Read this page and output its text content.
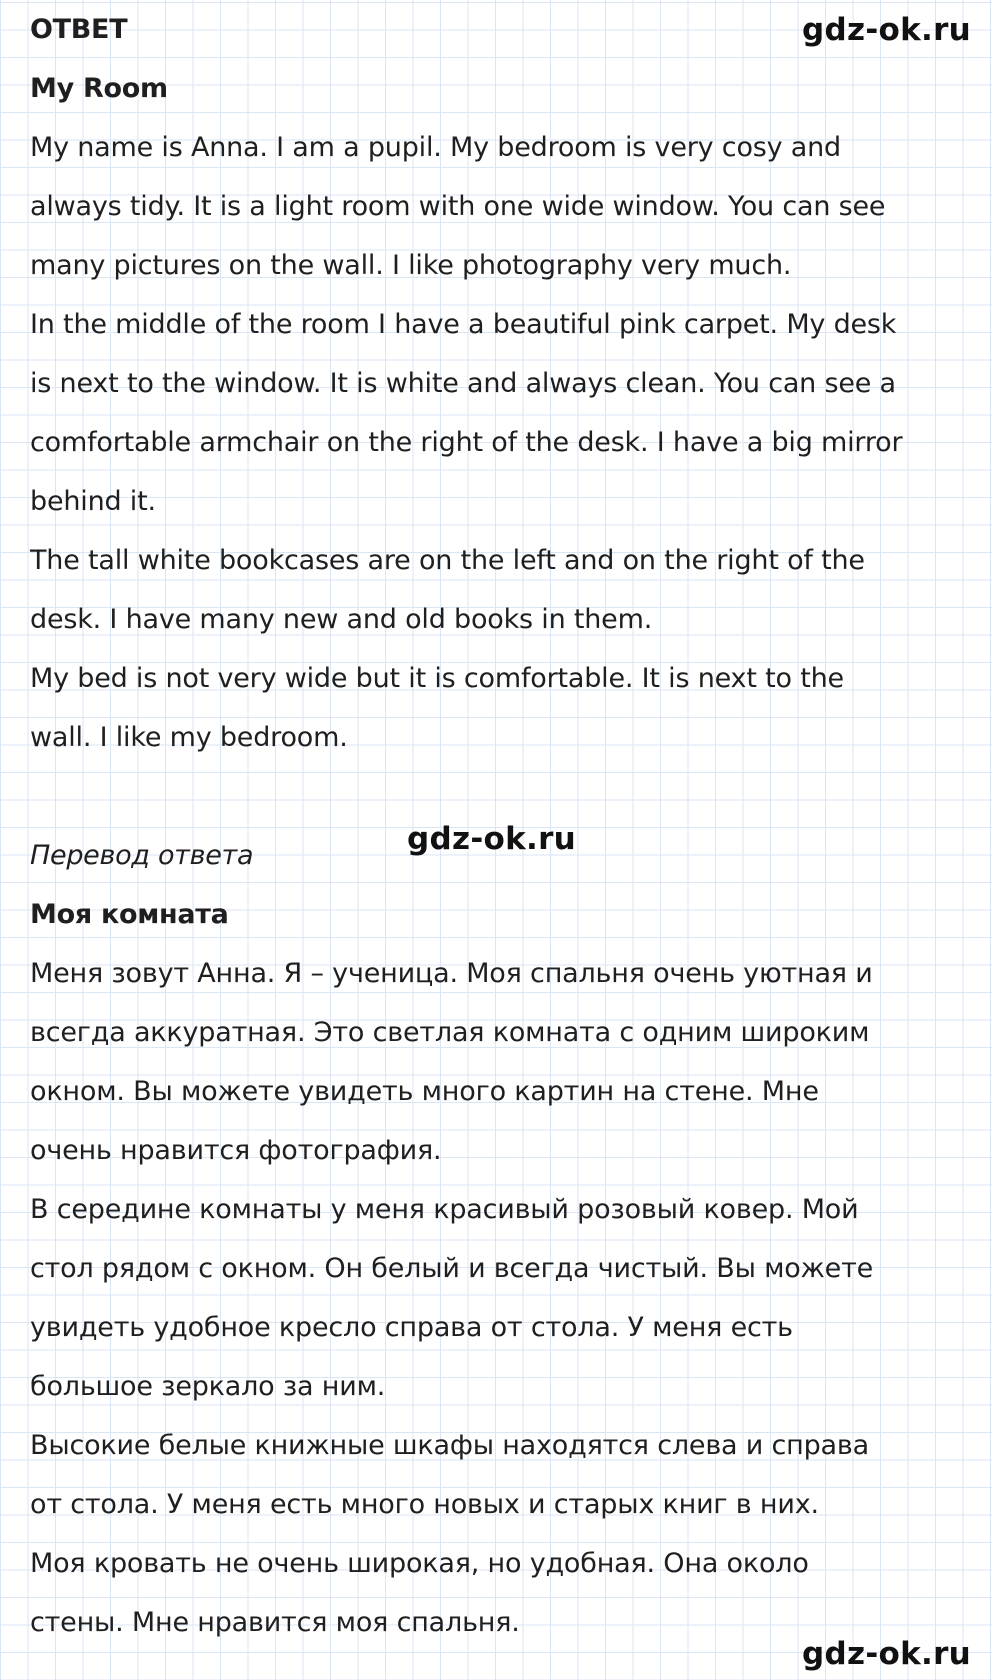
gdz-ok.ru
gdz-ok.ru
gdz-ok.ru
ОТВЕТ
My Room
My name is Anna. I am a pupil. My bedroom is very cosy and
always tidy. It is a light room with one wide window. You can see
many pictures on the wall. I like photography very much.
In the middle of the room I have a beautiful pink carpet. My desk
is next to the window. It is white and always clean. You can see a
comfortable armchair on the right of the desk. I have a big mirror
behind it.
The tall white bookcases are on the left and on the right of the
desk. I have many new and old books in them.
My bed is not very wide but it is comfortable. It is next to the
wall. I like my bedroom.
Перевод ответа
Моя комната
Меня зовут Анна. Я – ученица. Моя спальня очень уютная и
всегда аккуратная. Это светлая комната с одним широким
окном. Вы можете увидеть много картин на стене. Мне
очень нравится фотография.
В середине комнаты у меня красивый розовый ковер. Мой
стол рядом с окном. Он белый и всегда чистый. Вы можете
увидеть удобное кресло справа от стола. У меня есть
большое зеркало за ним.
Высокие белые книжные шкафы находятся слева и справа
от стола. У меня есть много новых и старых книг в них.
Моя кровать не очень широкая, но удобная. Она около
стены. Мне нравится моя спальня.
